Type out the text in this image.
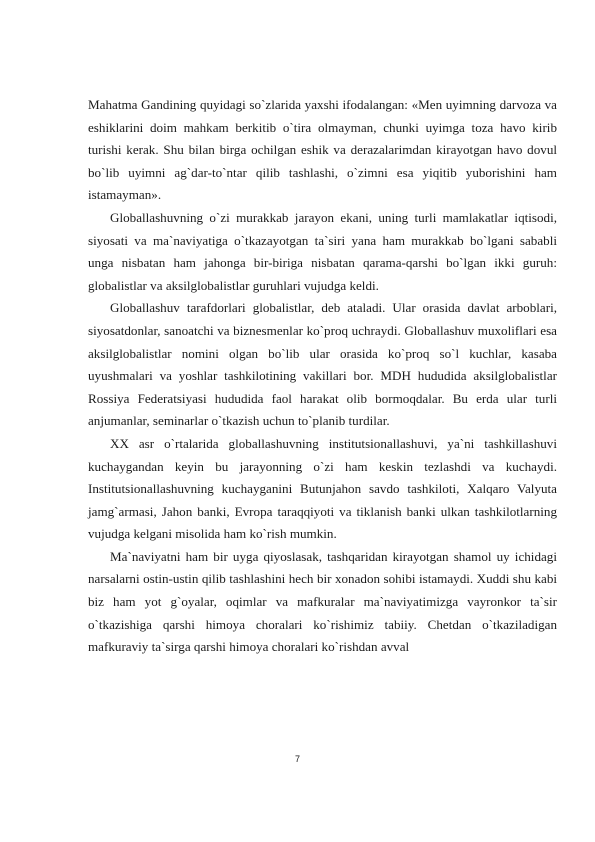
Mahatma Gandining quyidagi so`zlarida yaxshi ifodalangan: «Men uyimning darvoza va eshiklarini doim mahkam berkitib o`tira olmayman, chunki uyimga toza havo kirib turishi kerak. Shu bilan birga ochilgan eshik va derazalarimdan kirayotgan havo dovul bo`lib uyimni ag`dar-to`ntar qilib tashlashi, o`zimni esa yiqitib yuborishini ham istamayman».

Globallashuvning o`zi murakkab jarayon ekani, uning turli mamlakatlar iqtisodi, siyosati va ma`naviyatiga o`tkazayotgan ta`siri yana ham murakkab bo`lgani sababli unga nisbatan ham jahonga bir-biriga nisbatan qarama-qarshi bo`lgan ikki guruh: globalistlar va aksilglobalistlar guruhlari vujudga keldi.

Globallashuv tarafdorlari globalistlar, deb ataladi. Ular orasida davlat arboblari, siyosatdonlar, sanoatchi va biznesmenlar ko`proq uchraydi. Globallashuv muxoliflari esa aksilglobalistlar nomini olgan bo`lib ular orasida ko`proq so`l kuchlar, kasaba uyushmalari va yoshlar tashkilotining vakillari bor. MDH hududida aksilglobalistlar Rossiya Federatsiyasi hududida faol harakat olib bormoqdalar. Bu erda ular turli anjumanlar, seminarlar o`tkazish uchun to`planib turdilar.

XX asr o`rtalarida globallashuvning institutsionallashuvi, ya`ni tashkillashuvi kuchaygandan keyin bu jarayonning o`zi ham keskin tezlashdi va kuchaydi. Institutsionallashuvning kuchayganini Butunjahon savdo tashkiloti, Xalqaro Valyuta jamg`armasi, Jahon banki, Evropa taraqqiyoti va tiklanish banki ulkan tashkilotlarning vujudga kelgani misolida ham ko`rish mumkin.

Ma`naviyatni ham bir uyga qiyoslasak, tashqaridan kirayotgan shamol uy ichidagi narsalarni ostin-ustin qilib tashlashini hech bir xonadon sohibi istamaydi. Xuddi shu kabi biz ham yot g`oyalar, oqimlar va mafkuralar ma`naviyatimizga vayronkor ta`sir o`tkazishiga qarshi himoya choralari ko`rishimiz tabiiy. Chetdan o`tkaziladigan mafkuraviy ta`sirga qarshi himoya choralari ko`rishdan avval

7
